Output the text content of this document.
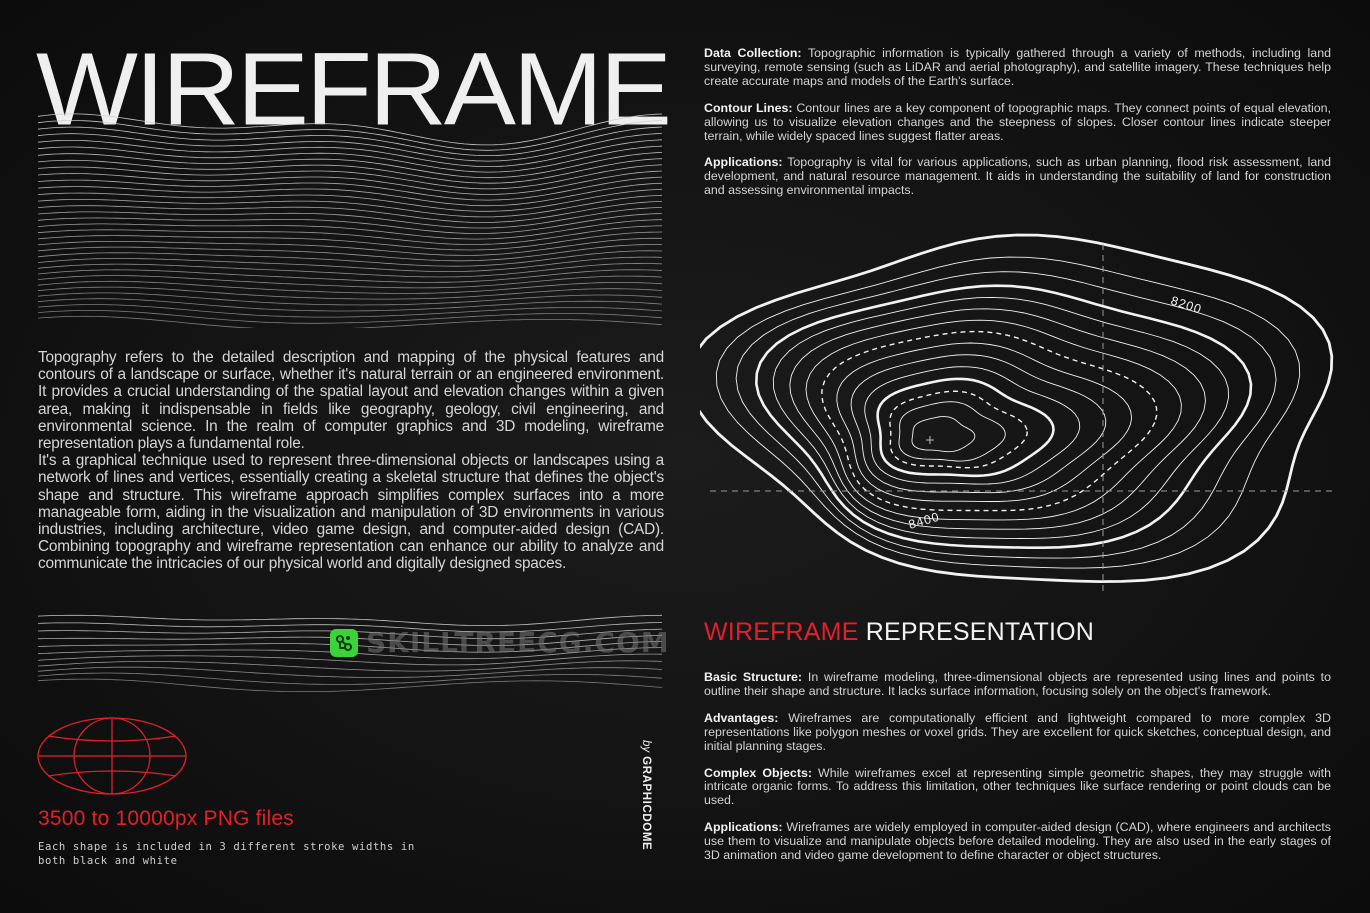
WIREFRAME

Topography refers to the detailed description and mapping of the physical features and contours of a landscape or surface, whether it's natural terrain or an engineered environment. It provides a crucial understanding of the spatial layout and elevation changes within a given area, making it indispensable in fields like geography, geology, civil engineering, and environmental science. In the realm of computer graphics and 3D modeling, wireframe representation plays a fundamental role.

It's a graphical technique used to represent three-dimensional objects or landscapes using a network of lines and vertices, essentially creating a skeletal structure that defines the object's shape and structure. This wireframe approach simplifies complex surfaces into a more manageable form, aiding in the visualization and manipulation of 3D environments in various industries, including architecture, video game design, and computer-aided design (CAD). Combining topography and wireframe representation can enhance our ability to analyze and communicate the intricacies of our physical world and digitally designed spaces.

SKILLTREECG.COM
3500 to 10000px PNG files

Each shape is included in 3 different stroke widths in both black and white

byGRAPHICDOME

Data Collection: Topographic information is typically gathered through a variety of methods, including land surveying, remote sensing (such as LiDAR and aerial photography), and satellite imagery. These techniques help create accurate maps and models of the Earth's surface.

Contour Lines: Contour lines are a key component of topographic maps. They connect points of equal elevation, allowing us to visualize elevation changes and the steepness of slopes. Closer contour lines indicate steeper terrain, while widely spaced lines suggest flatter areas.

Applications: Topography is vital for various applications, such as urban planning, flood risk assessment, land development, and natural resource management. It aids in understanding the suitability of land for construction and assessing environmental impacts.

8200
8400
WIREFRAME REPRESENTATION

Basic Structure: In wireframe modeling, three-dimensional objects are represented using lines and points to outline their shape and structure. It lacks surface information, focusing solely on the object's framework.

Advantages: Wireframes are computationally efficient and lightweight compared to more complex 3D representations like polygon meshes or voxel grids. They are excellent for quick sketches, conceptual design, and initial planning stages.

Complex Objects: While wireframes excel at representing simple geometric shapes, they may struggle with intricate organic forms. To address this limitation, other techniques like surface rendering or point clouds can be used.

Applications: Wireframes are widely employed in computer-aided design (CAD), where engineers and architects use them to visualize and manipulate objects before detailed modeling. They are also used in the early stages of 3D animation and video game development to define character or object structures.
